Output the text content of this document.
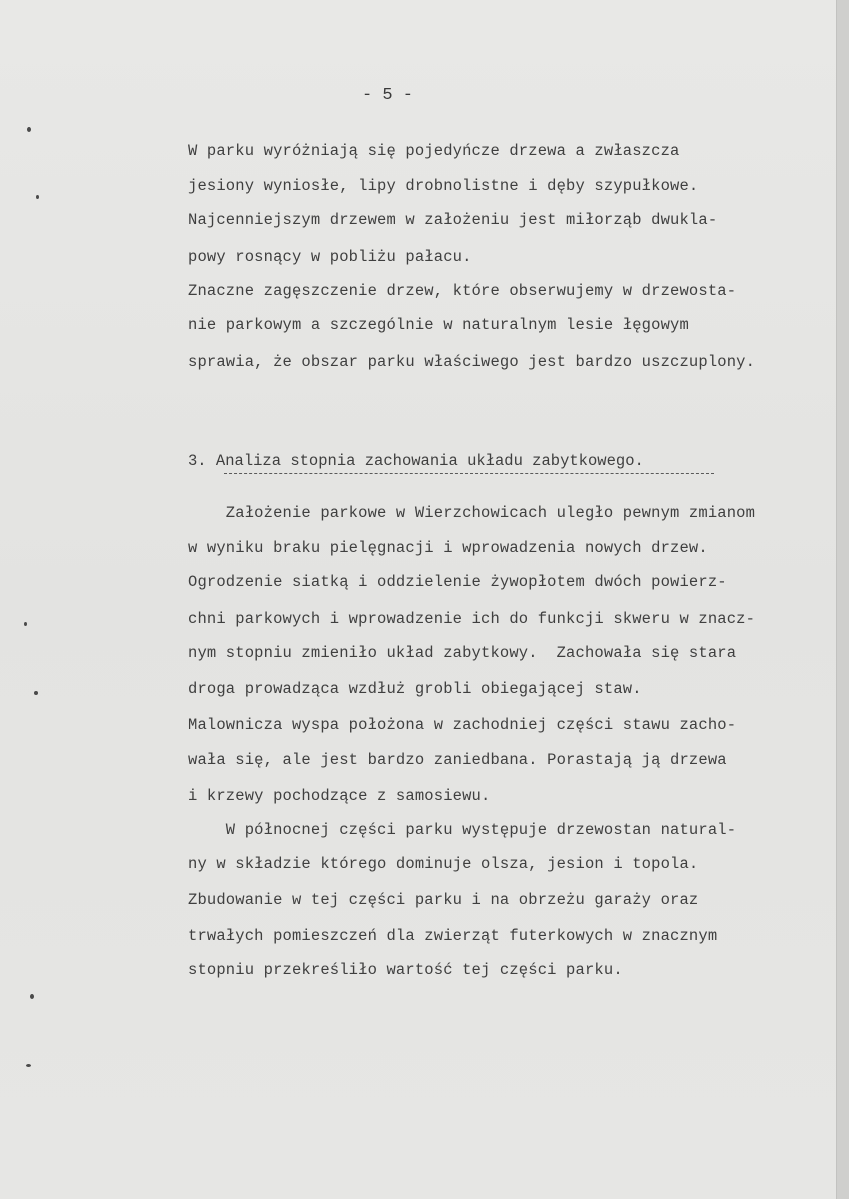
- 5 -
W parku wyróżniają się pojedyńcze drzewa a zwłaszcza
jesiony wyniosłe, lipy drobnolistne i dęby szypułkowe.
Najcenniejszym drzewem w założeniu jest miłorząb dwukla-
powy rosnący w pobliżu pałacu.
Znaczne zagęszczenie drzew, które obserwujemy w drzewosta-
nie parkowym a szczególnie w naturalnym lesie łęgowym
sprawia, że obszar parku właściwego jest bardzo uszczuplony.
3. Analiza stopnia zachowania układu zabytkowego.
Założenie parkowe w Wierzchowicach uległo pewnym zmianom
w wyniku braku pielęgnacji i wprowadzenia nowych drzew.
Ogrodzenie siatką i oddzielenie żywopłotem dwóch powierz-
chni parkowych i wprowadzenie ich do funkcji skweru w znacz-
nym stopniu zmieniło układ zabytkowy.  Zachowała się stara
droga prowadząca wzdłuż grobli obiegającej staw.
Malownicza wyspa położona w zachodniej części stawu zacho-
wała się, ale jest bardzo zaniedbana. Porastają ją drzewa
i krzewy pochodzące z samosiewu.
W północnej części parku występuje drzewostan natural-
ny w składzie którego dominuje olsza, jesion i topola.
Zbudowanie w tej części parku i na obrzeżu garaży oraz
trwałych pomieszczeń dla zwierząt futerkowych w znacznym
stopniu przekreśliło wartość tej części parku.
